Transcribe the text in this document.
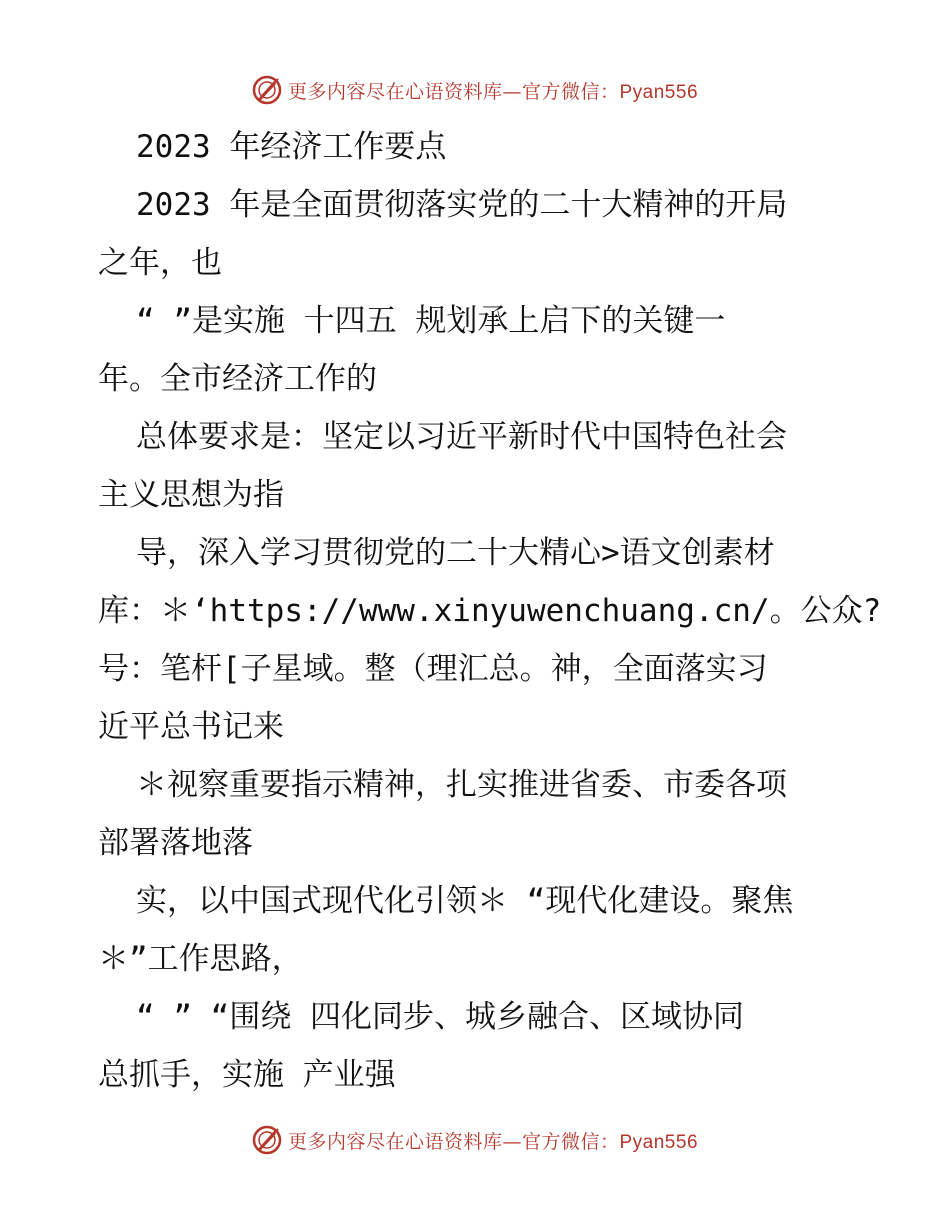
更多内容尽在心语资料库—官方微信：Pyan556
2023 年经济工作要点
2023 年是全面贯彻落实党的二十大精神的开局
之年，也
“ ”是实施 十四五 规划承上启下的关键一
年。全市经济工作的
总体要求是：坚定以习近平新时代中国特色社会
主义思想为指
导，深入学习贯彻党的二十大精心>语文创素材
库：＊‘https://www.xinyuwenchuang.cn/。公众?
号：笔杆[子星域。整（理汇总。神，全面落实习
近平总书记来
＊视察重要指示精神，扎实推进省委、市委各项
部署落地落
实，以中国式现代化引领＊ “现代化建设。聚焦
＊”工作思路，
“ ” “围绕 四化同步、城乡融合、区域协同
总抓手，实施 产业强
更多内容尽在心语资料库—官方微信：Pyan556
